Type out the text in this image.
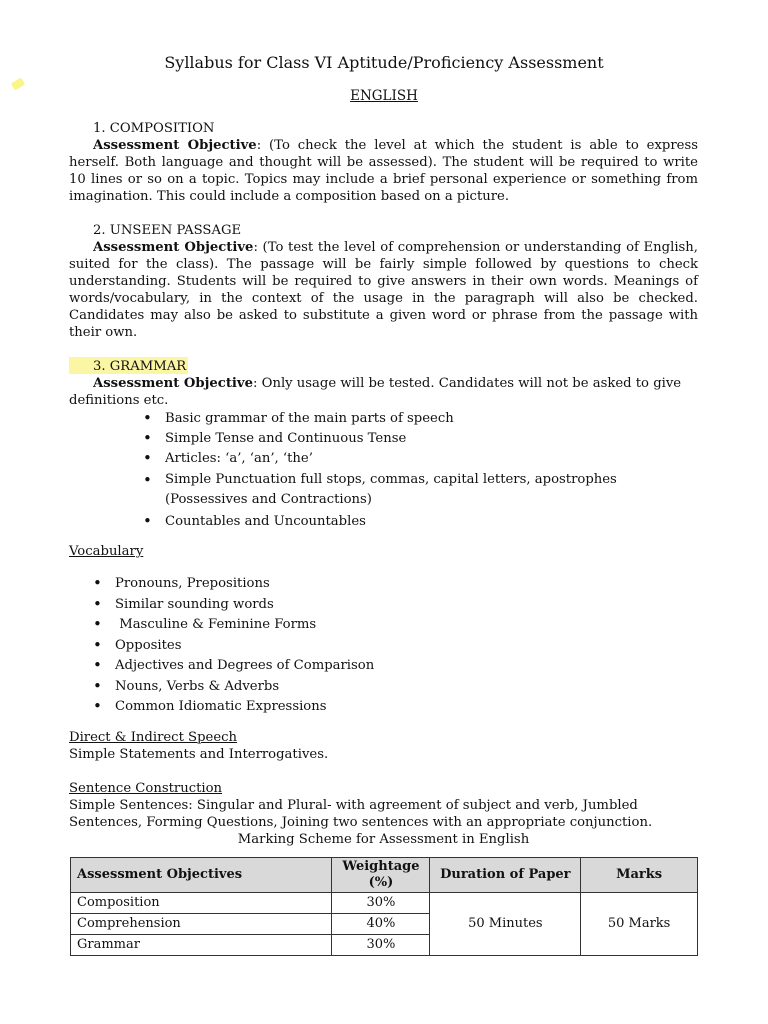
Syllabus for Class VI Aptitude/Proficiency Assessment
ENGLISH
1. COMPOSITION

Assessment Objective: (To check the level at which the student is able to express herself. Both language and thought will be assessed). The student will be required to write 10 lines or so on a topic. Topics may include a brief personal experience or something from imagination. This could include a composition based on a picture.

2. UNSEEN PASSAGE

Assessment Objective: (To test the level of comprehension or understanding of English, suited for the class). The passage will be fairly simple followed by questions to check understanding. Students will be required to give answers in their own words. Meanings of words/vocabulary, in the context of the usage in the paragraph will also be checked. Candidates may also be asked to substitute a given word or phrase from the passage with their own.

3. GRAMMAR

Assessment Objective: Only usage will be tested. Candidates will not be asked to give definitions etc.

• Basic grammar of the main parts of speech
• Simple Tense and Continuous Tense
• Articles: ‘a’, ‘an’, ‘the’
• Simple Punctuation full stops, commas, capital letters, apostrophes (Possessives and Contractions)
• Countables and Uncountables
Vocabulary
• Pronouns, Prepositions
• Similar sounding words
•  Masculine & Feminine Forms
• Opposites
• Adjectives and Degrees of Comparison
• Nouns, Verbs & Adverbs
• Common Idiomatic Expressions
Direct & Indirect Speech
Simple Statements and Interrogatives.
Sentence Construction
Simple Sentences: Singular and Plural- with agreement of subject and verb, Jumbled Sentences, Forming Questions, Joining two sentences with an appropriate conjunction.
Marking Scheme for Assessment in English
Assessment Objectives	Weightage (%)	Duration of Paper	Marks
Composition	30%	50 Minutes	50 Marks
Comprehension	40%		
Grammar	30%		
